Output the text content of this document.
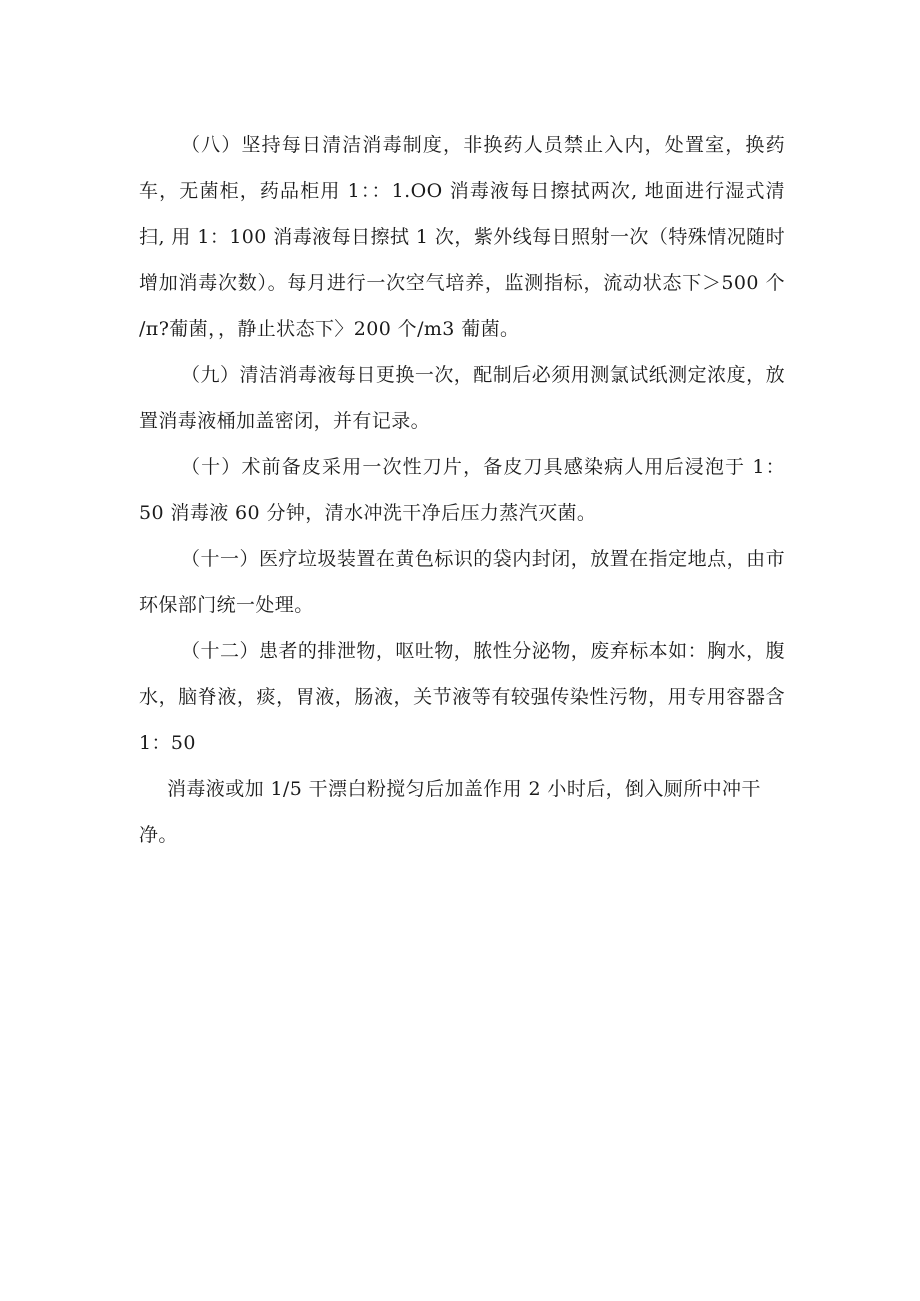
（八）坚持每日清洁消毒制度，非换药人员禁止入内，处置室，换药车，无菌柜，药品柜用 1：：1.OO 消毒液每日擦拭两次, 地面进行湿式清扫, 用 1：100 消毒液每日擦拭 1 次，紫外线每日照射一次（特殊情况随时增加消毒次数）。每月进行一次空气培养，监测指标，流动状态下＞500 个∕π?葡菌，，静止状态下〉200 个/m3 葡菌。

（九）清洁消毒液每日更换一次，配制后必须用测氯试纸测定浓度，放置消毒液桶加盖密闭，并有记录。

（十）术前备皮采用一次性刀片，备皮刀具感染病人用后浸泡于 1：50 消毒液 60 分钟，清水冲洗干净后压力蒸汽灭菌。

（十一）医疗垃圾装置在黄色标识的袋内封闭，放置在指定地点，由市环保部门统一处理。

（十二）患者的排泄物，呕吐物，脓性分泌物，废弃标本如：胸水，腹水，脑脊液，痰，胃液，肠液，关节液等有较强传染性污物，用专用容器含 1：50

消毒液或加 1/5 干漂白粉搅匀后加盖作用 2 小时后，倒入厕所中冲干净。
